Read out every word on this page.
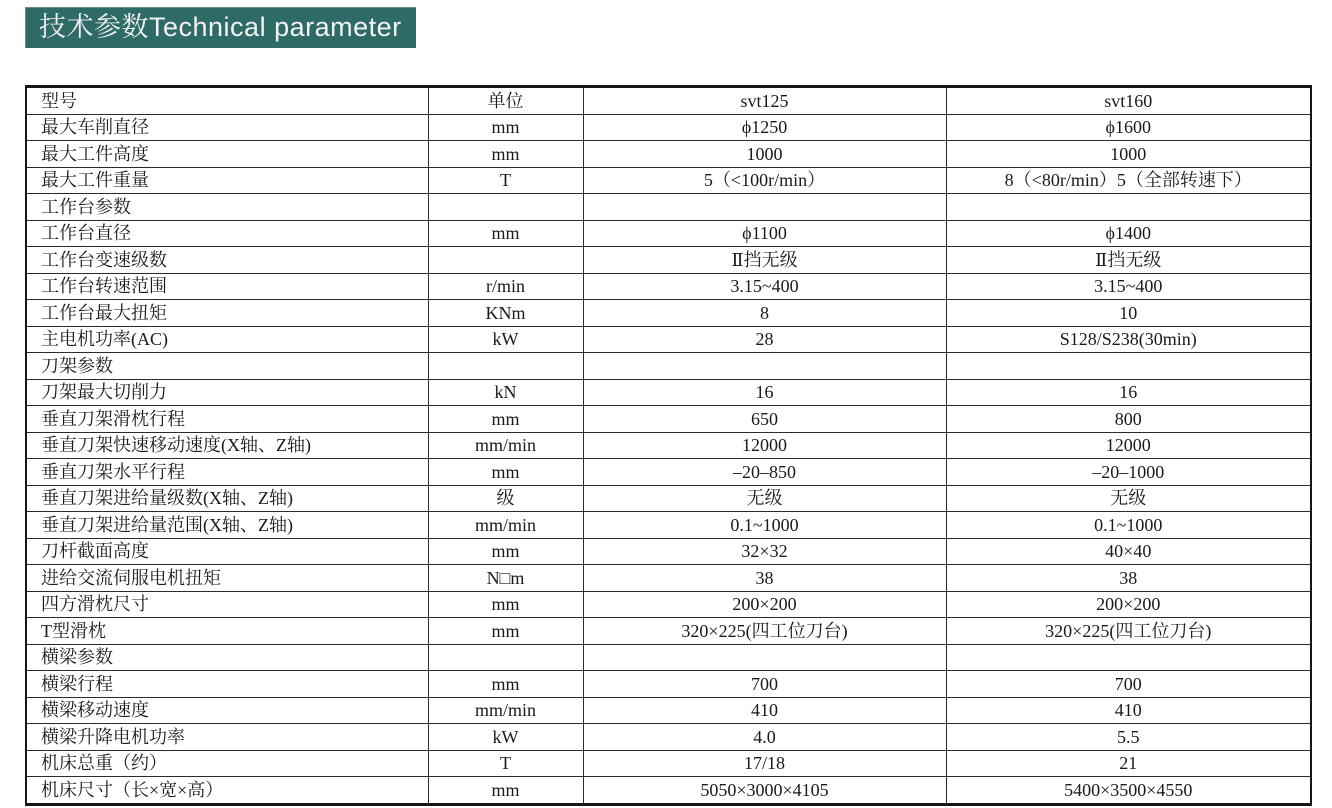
技术参数Technical parameter
型号	单位	svt125	svt160
最大车削直径	mm	ϕ1250	ϕ1600
最大工件高度	mm	1000	1000
最大工件重量	T	5（<100r/min）	8（<80r/min）5（全部转速下）
工作台参数			
工作台直径	mm	ϕ1100	ϕ1400
工作台变速级数		Ⅱ挡无级	Ⅱ挡无级
工作台转速范围	r/min	3.15~400	3.15~400
工作台最大扭矩	KNm	8	10
主电机功率(AC)	kW	28	S128/S238(30min)
刀架参数			
刀架最大切削力	kN	16	16
垂直刀架滑枕行程	mm	650	800
垂直刀架快速移动速度(X轴、Z轴)	mm/min	12000	12000
垂直刀架水平行程	mm	–20–850	–20–1000
垂直刀架进给量级数(X轴、Z轴)	级	无级	无级
垂直刀架进给量范围(X轴、Z轴)	mm/min	0.1~1000	0.1~1000
刀杆截面高度	mm	32×32	40×40
进给交流伺服电机扭矩	N□m	38	38
四方滑枕尺寸	mm	200×200	200×200
T型滑枕	mm	320×225(四工位刀台)	320×225(四工位刀台)
横梁参数			
横梁行程	mm	700	700
横梁移动速度	mm/min	410	410
横梁升降电机功率	kW	4.0	5.5
机床总重（约）	T	17/18	21
机床尺寸（长×宽×高）	mm	5050×3000×4105	5400×3500×4550
